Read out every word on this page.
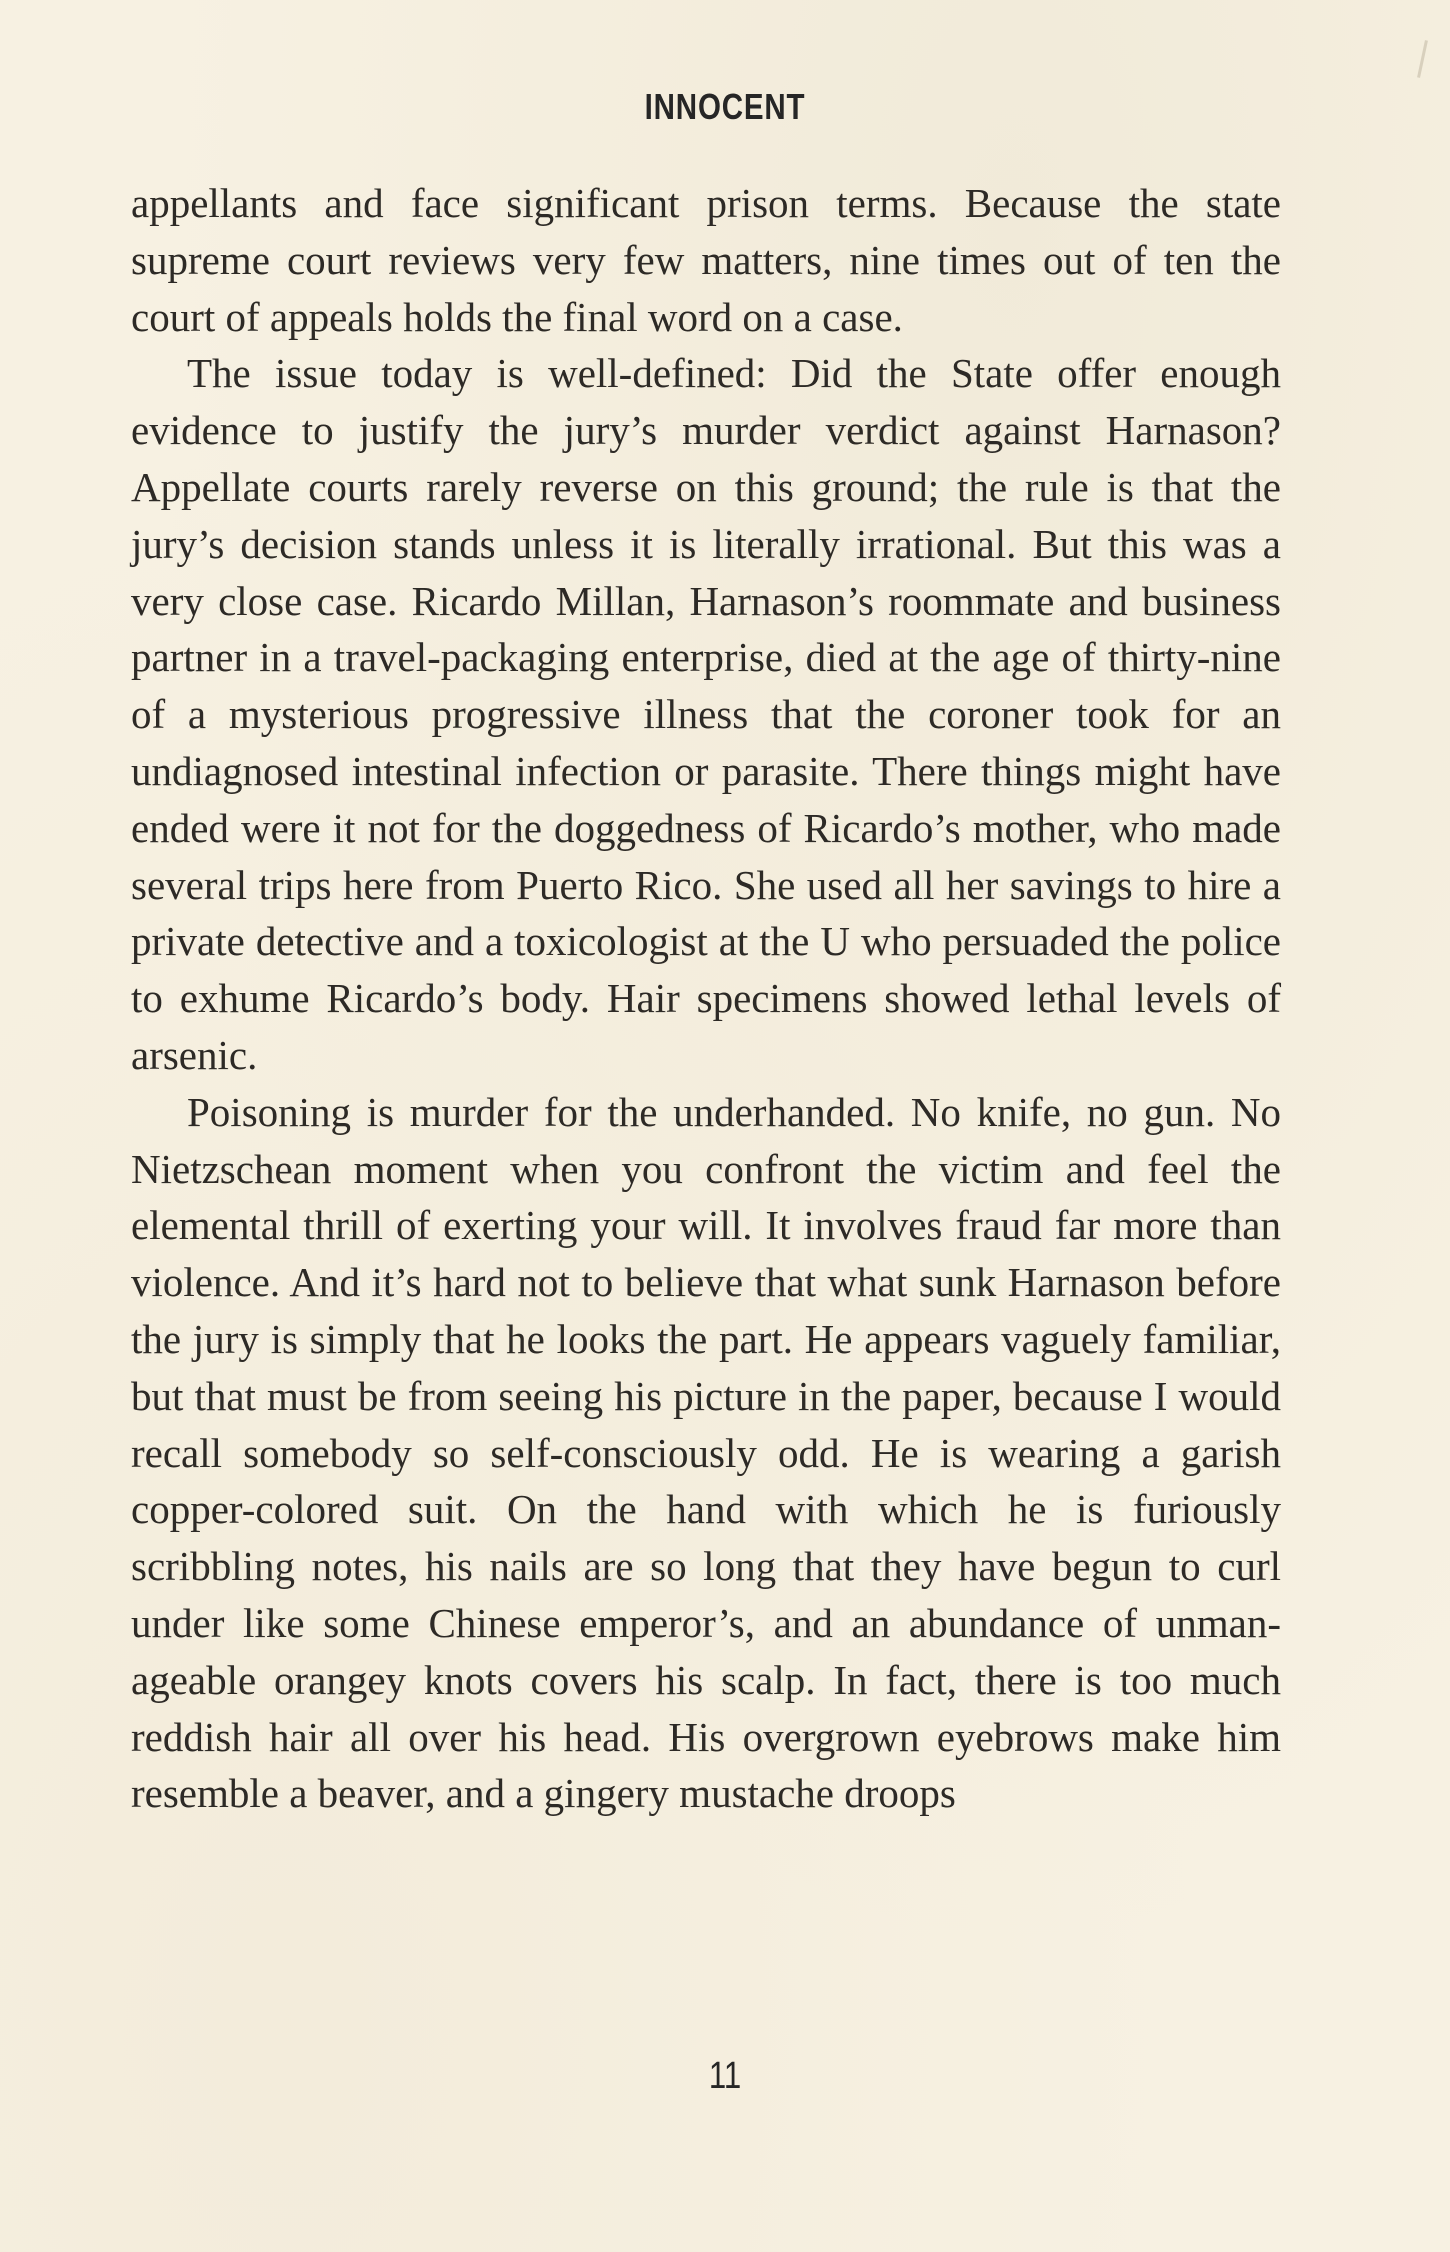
INNOCENT

appellants and face significant prison terms. Because the state supreme court reviews very few matters, nine times out of ten the court of appeals holds the final word on a case.

The issue today is well-defined: Did the State offer enough evidence to justify the jury’s murder verdict against Harnason? Appellate courts rarely reverse on this ground; the rule is that the jury’s decision stands unless it is literally irrational. But this was a very close case. Ricardo Millan, Harnason’s roommate and business partner in a travel-packaging enterprise, died at the age of thirty-nine of a mysterious progressive illness that the coroner took for an undiagnosed intestinal infection or parasite. There things might have ended were it not for the doggedness of Ricardo’s mother, who made several trips here from Puerto Rico. She used all her savings to hire a private detective and a toxicologist at the U who persuaded the police to exhume Ricardo’s body. Hair specimens showed lethal levels of arsenic.

Poisoning is murder for the underhanded. No knife, no gun. No Nietzschean moment when you confront the victim and feel the elemental thrill of exerting your will. It involves fraud far more than violence. And it’s hard not to believe that what sunk Harnason before the jury is simply that he looks the part. He appears vaguely familiar, but that must be from seeing his picture in the paper, because I would recall somebody so self-consciously odd. He is wearing a garish copper-colored suit. On the hand with which he is furiously scribbling notes, his nails are so long that they have begun to curl under like some Chinese emperor’s, and an abundance of unmanageable orangey knots covers his scalp. In fact, there is too much reddish hair all over his head. His overgrown eyebrows make him resemble a beaver, and a gingery mustache droops

11
